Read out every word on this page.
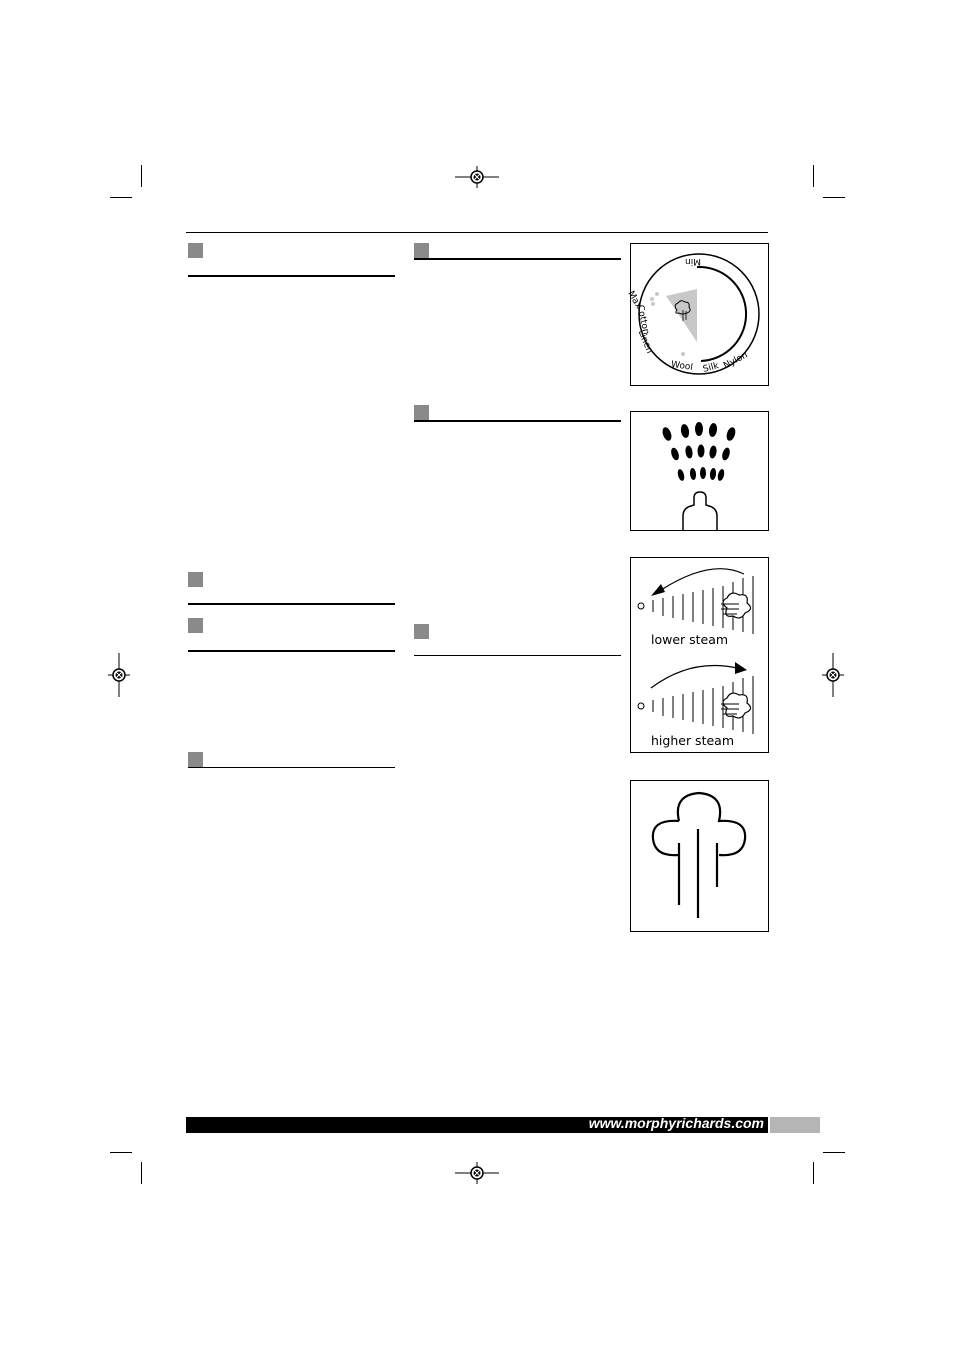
Min
Max
Cotton
Linen
Wool Silk Nylon
lower steam
higher steam
www.morphyrichards.com
